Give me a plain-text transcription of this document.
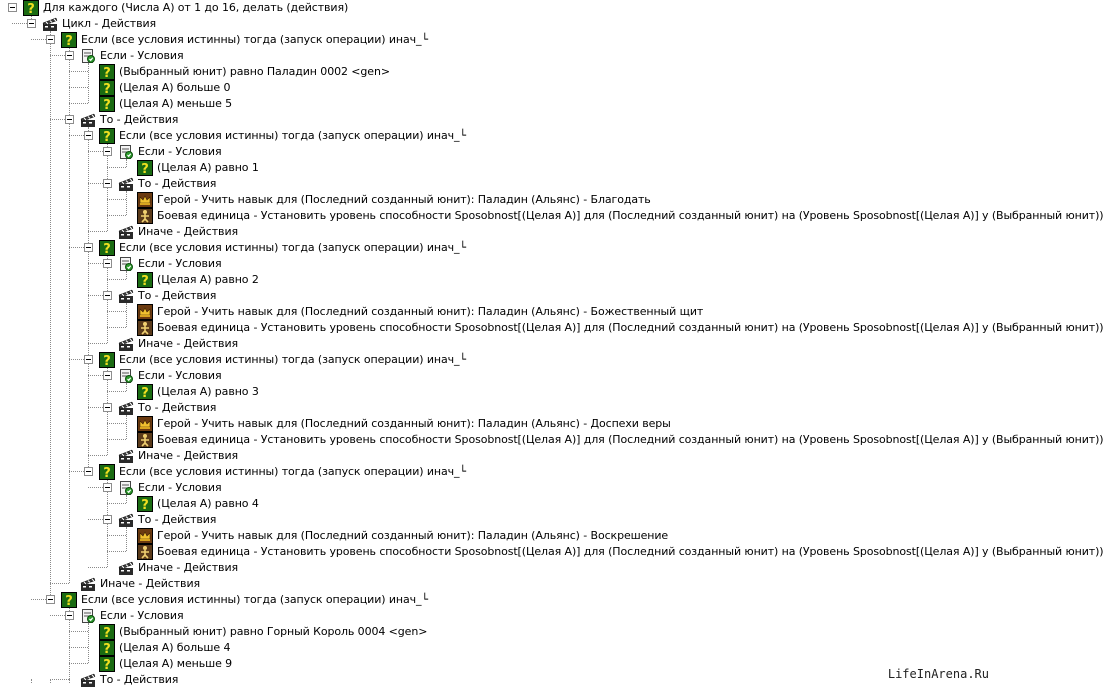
? Для каждого (Числа А) от 1 до 16, делать (действия)
Цикл - Действия
? Если (все условия истинны) тогда (запуск операции) инач_└
Если - Условия
? (Выбранный юнит) равно Паладин 0002 <gen>
? (Целая А) больше 0
? (Целая А) меньше 5
То - Действия
? Если (все условия истинны) тогда (запуск операции) инач_└
Если - Условия
? (Целая А) равно 1
То - Действия
Герой - Учить навык для (Последний созданный юнит): Паладин (Альянс) - Благодать
Боевая единица - Установить уровень способности Sposobnost[(Целая А)] для (Последний созданный юнит) на (Уровень Sposobnost[(Целая А)] у (Выбранный юнит))
Иначе - Действия
? Если (все условия истинны) тогда (запуск операции) инач_└
Если - Условия
? (Целая А) равно 2
То - Действия
Герой - Учить навык для (Последний созданный юнит): Паладин (Альянс) - Божественный щит
Боевая единица - Установить уровень способности Sposobnost[(Целая А)] для (Последний созданный юнит) на (Уровень Sposobnost[(Целая А)] у (Выбранный юнит))
Иначе - Действия
? Если (все условия истинны) тогда (запуск операции) инач_└
Если - Условия
? (Целая А) равно 3
То - Действия
Герой - Учить навык для (Последний созданный юнит): Паладин (Альянс) - Доспехи веры
Боевая единица - Установить уровень способности Sposobnost[(Целая А)] для (Последний созданный юнит) на (Уровень Sposobnost[(Целая А)] у (Выбранный юнит))
Иначе - Действия
? Если (все условия истинны) тогда (запуск операции) инач_└
Если - Условия
? (Целая А) равно 4
То - Действия
Герой - Учить навык для (Последний созданный юнит): Паладин (Альянс) - Воскрешение
Боевая единица - Установить уровень способности Sposobnost[(Целая А)] для (Последний созданный юнит) на (Уровень Sposobnost[(Целая А)] у (Выбранный юнит))
Иначе - Действия
Иначе - Действия
? Если (все условия истинны) тогда (запуск операции) инач_└
Если - Условия
? (Выбранный юнит) равно Горный Король 0004 <gen>
? (Целая А) больше 4
? (Целая А) меньше 9
То - Действия	LifeInArena.Ru
